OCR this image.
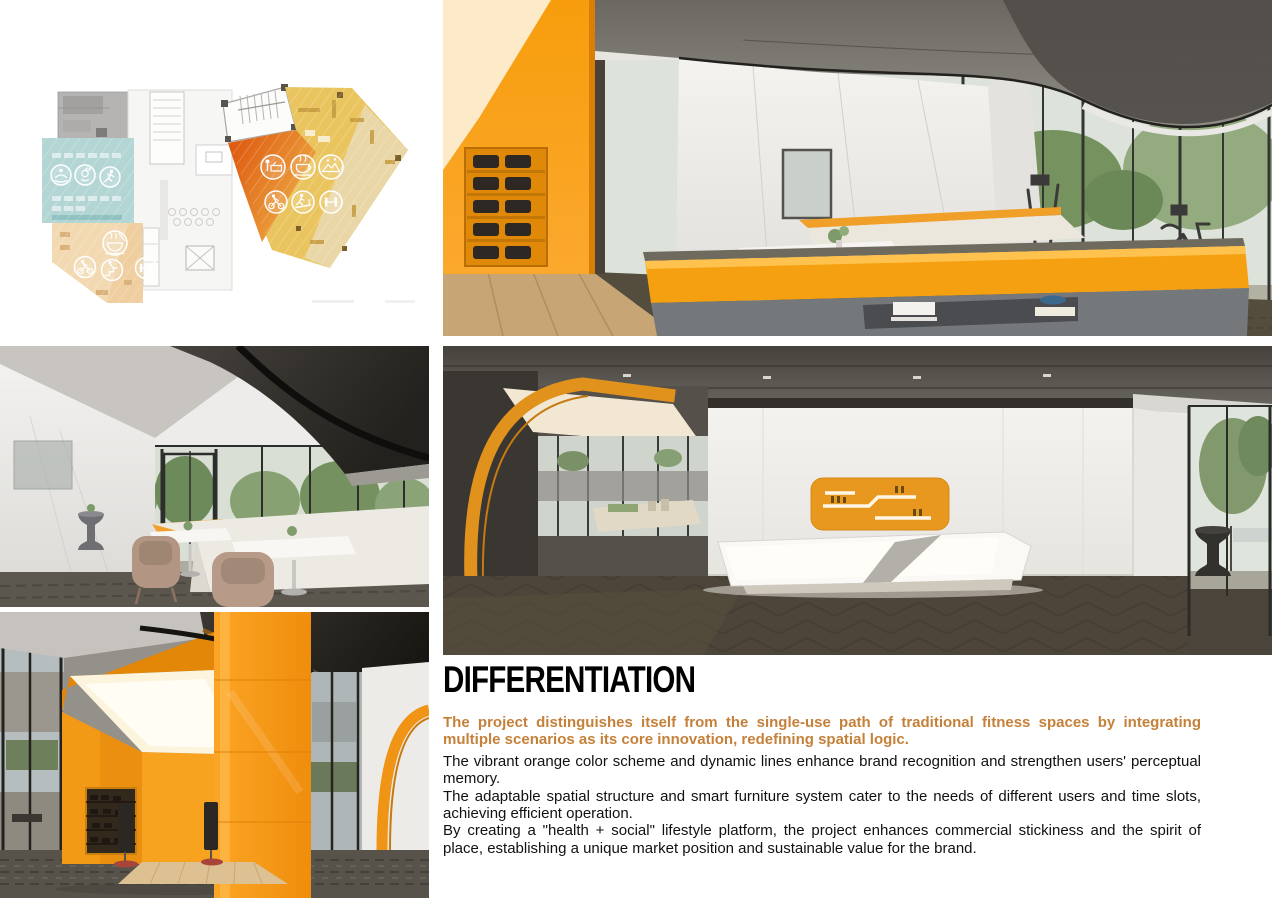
DIFFERENTIATION

The project distinguishes itself from the single-use path of traditional fitness spaces by integrating multiple scenarios as its core innovation, redefining spatial logic.

The vibrant orange color scheme and dynamic lines enhance brand recognition and strengthen users' perceptual memory.

The adaptable spatial structure and smart furniture system cater to the needs of different users and time slots, achieving efficient operation.

By creating a "health + social" lifestyle platform, the project enhances commercial stickiness and the spirit of place, establishing a unique market position and sustainable value for the brand.
